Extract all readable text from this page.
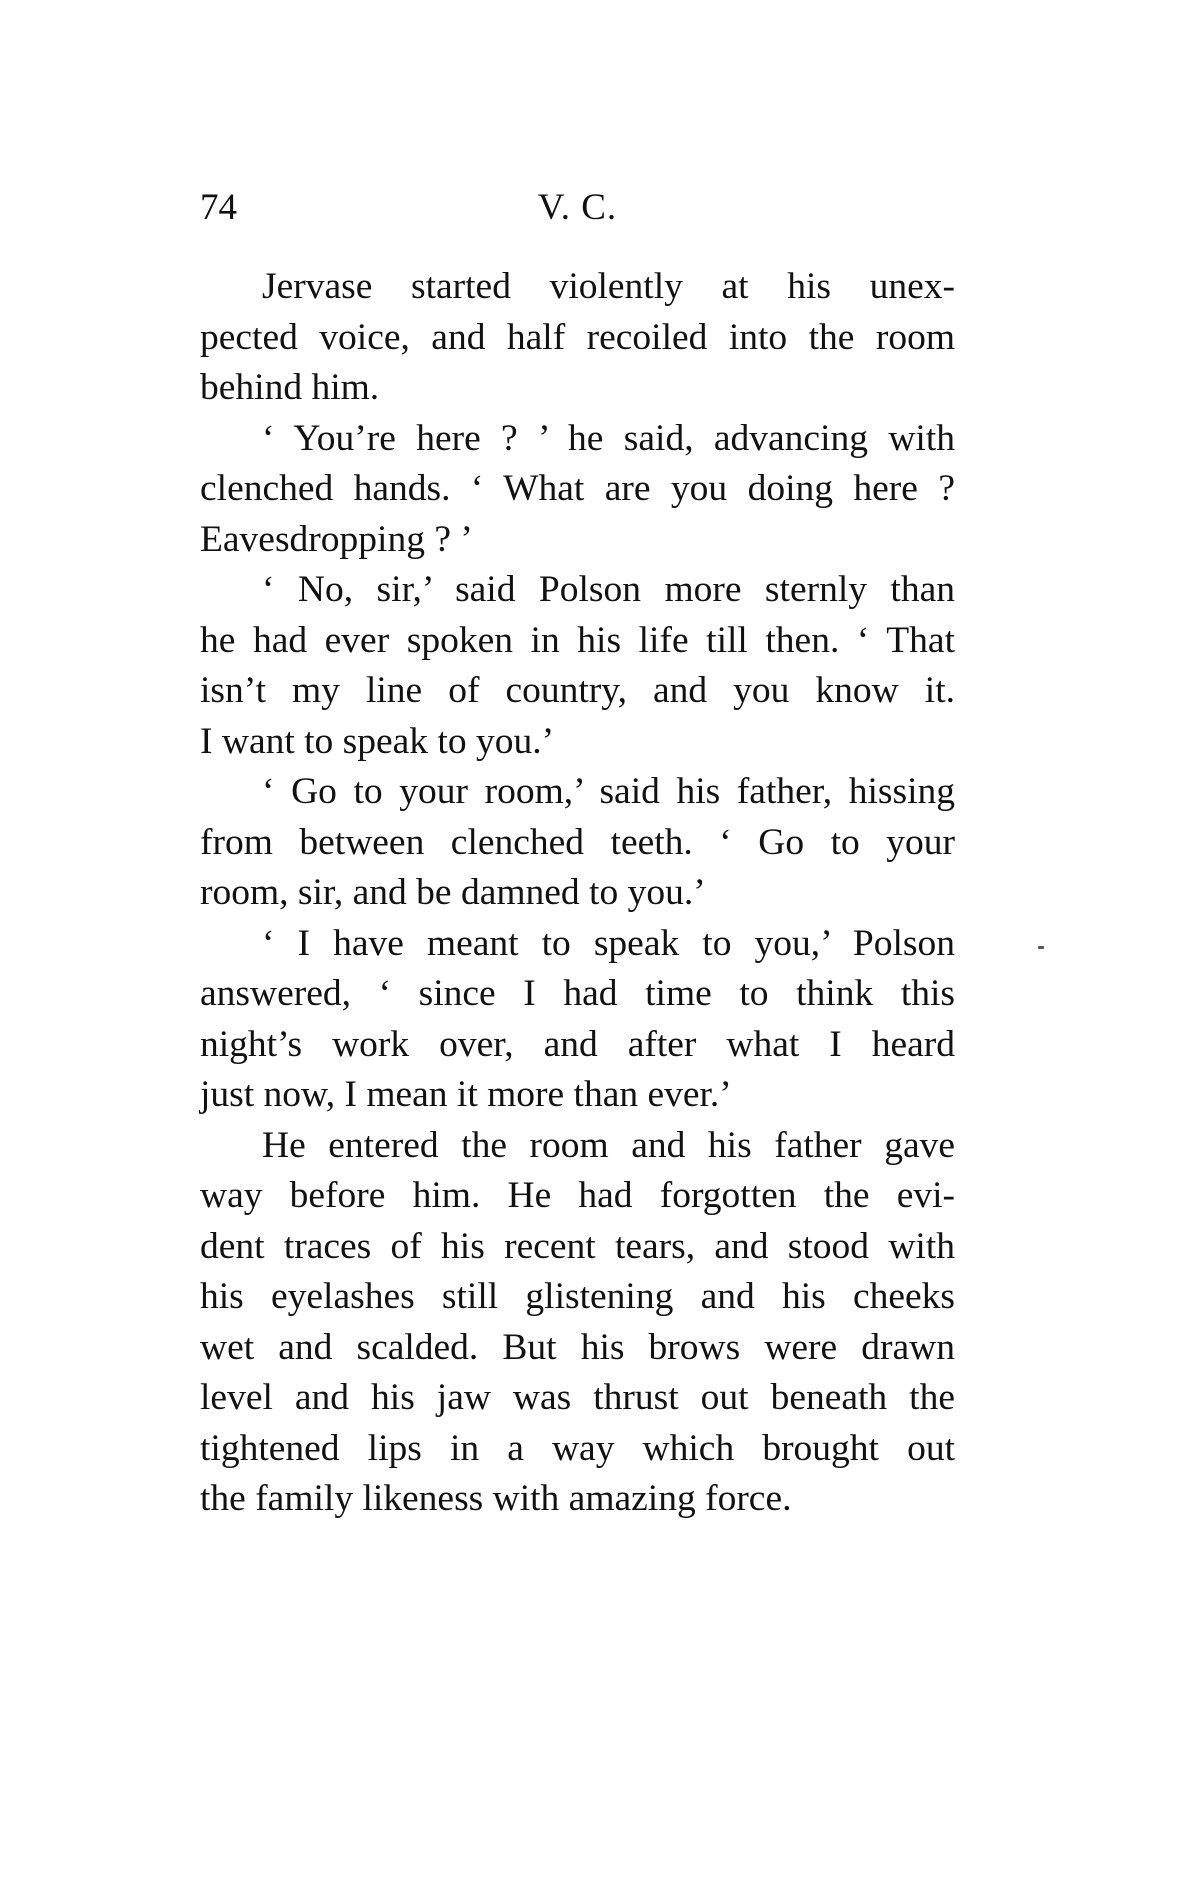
74	V. C.
Jervase started violently at his unex-
pected voice, and half recoiled into the room
behind him.
‘ You’re here ? ’ he said, advancing with
clenched hands. ‘ What are you doing here ?
Eavesdropping ? ’
‘ No, sir,’ said Polson more sternly than
he had ever spoken in his life till then. ‘ That
isn’t my line of country, and you know it.
I want to speak to you.’
‘ Go to your room,’ said his father, hissing
from between clenched teeth. ‘ Go to your
room, sir, and be damned to you.’
‘ I have meant to speak to you,’ Polson
answered, ‘ since I had time to think this
night’s work over, and after what I heard
just now, I mean it more than ever.’
He entered the room and his father gave
way before him. He had forgotten the evi-
dent traces of his recent tears, and stood with
his eyelashes still glistening and his cheeks
wet and scalded. But his brows were drawn
level and his jaw was thrust out beneath the
tightened lips in a way which brought out
the family likeness with amazing force.
